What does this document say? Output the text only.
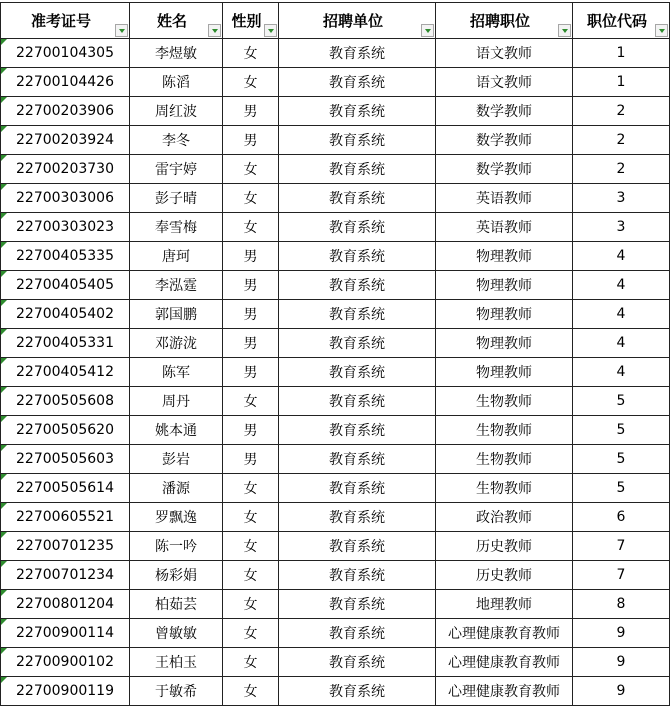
准考证号	姓名	性别	招聘单位	招聘职位	职位代码

22700104305	李煜敏	女	教育系统	语文教师	1

22700104426	陈滔	女	教育系统	语文教师	1

22700203906	周红波	男	教育系统	数学教师	2

22700203924	李冬	男	教育系统	数学教师	2

22700203730	雷宇婷	女	教育系统	数学教师	2

22700303006	彭子晴	女	教育系统	英语教师	3

22700303023	奉雪梅	女	教育系统	英语教师	3

22700405335	唐珂	男	教育系统	物理教师	4

22700405405	李泓霆	男	教育系统	物理教师	4

22700405402	郭国鹏	男	教育系统	物理教师	4

22700405331	邓游泷	男	教育系统	物理教师	4

22700405412	陈军	男	教育系统	物理教师	4

22700505608	周丹	女	教育系统	生物教师	5

22700505620	姚本通	男	教育系统	生物教师	5

22700505603	彭岩	男	教育系统	生物教师	5

22700505614	潘源	女	教育系统	生物教师	5

22700605521	罗飘逸	女	教育系统	政治教师	6

22700701235	陈一吟	女	教育系统	历史教师	7

22700701234	杨彩娟	女	教育系统	历史教师	7

22700801204	柏茹芸	女	教育系统	地理教师	8

22700900114	曾敏敏	女	教育系统	心理健康教育教师	9

22700900102	王柏玉	女	教育系统	心理健康教育教师	9

22700900119	于敏希	女	教育系统	心理健康教育教师	9
